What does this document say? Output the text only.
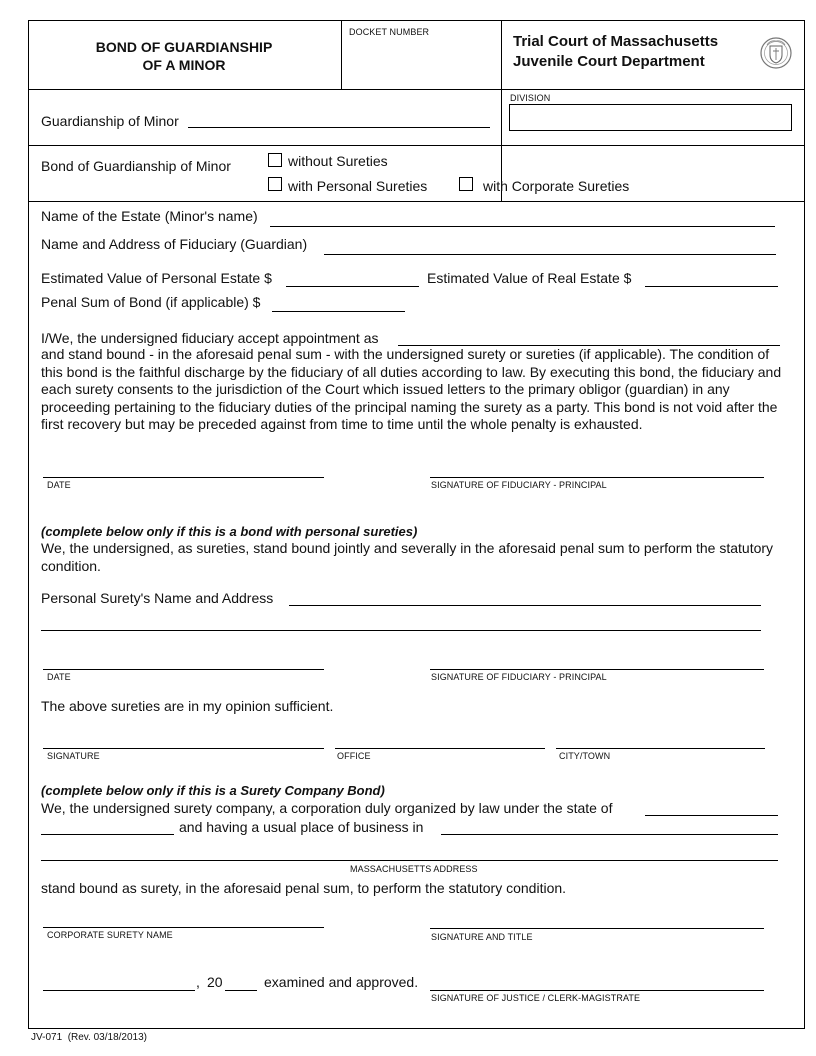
BOND OF GUARDIANSHIP
OF A MINOR
DOCKET NUMBER
Trial Court of Massachusetts
Juvenile Court Department
Guardianship of Minor
DIVISION
Bond of Guardianship of Minor	without Sureties
with Personal Sureties	with Corporate Sureties
Name of the Estate (Minor's name)
Name and Address of Fiduciary (Guardian)
Estimated Value of Personal Estate $	Estimated Value of Real Estate $
Penal Sum of Bond (if applicable) $
I/We, the undersigned fiduciary accept appointment as
and stand bound - in the aforesaid penal sum - with the undersigned surety or sureties (if applicable). The condition of this bond is the faithful discharge by the fiduciary of all duties according to law. By executing this bond, the fiduciary and each surety consents to the jurisdiction of the Court which issued letters to the primary obligor (guardian) in any proceeding pertaining to the fiduciary duties of the principal naming the surety as a party. This bond is not void after the first recovery but may be preceded against from time to time until the whole penalty is exhausted.
DATE	SIGNATURE OF FIDUCIARY - PRINCIPAL
(complete below only if this is a bond with personal sureties)
We, the undersigned, as sureties, stand bound jointly and severally in the aforesaid penal sum to perform the statutory condition.
Personal Surety's Name and Address
DATE	SIGNATURE OF FIDUCIARY - PRINCIPAL
The above sureties are in my opinion sufficient.
SIGNATURE	OFFICE	CITY/TOWN
(complete below only if this is a Surety Company Bond)
We, the undersigned surety company, a corporation duly organized by law under the state of
and having a usual place of business in
MASSACHUSETTS ADDRESS
stand bound as surety, in the aforesaid penal sum, to perform the statutory condition.
CORPORATE SURETY NAME	SIGNATURE AND TITLE
, 20	examined and approved.
SIGNATURE OF JUSTICE / CLERK-MAGISTRATE
JV-071  (Rev. 03/18/2013)
